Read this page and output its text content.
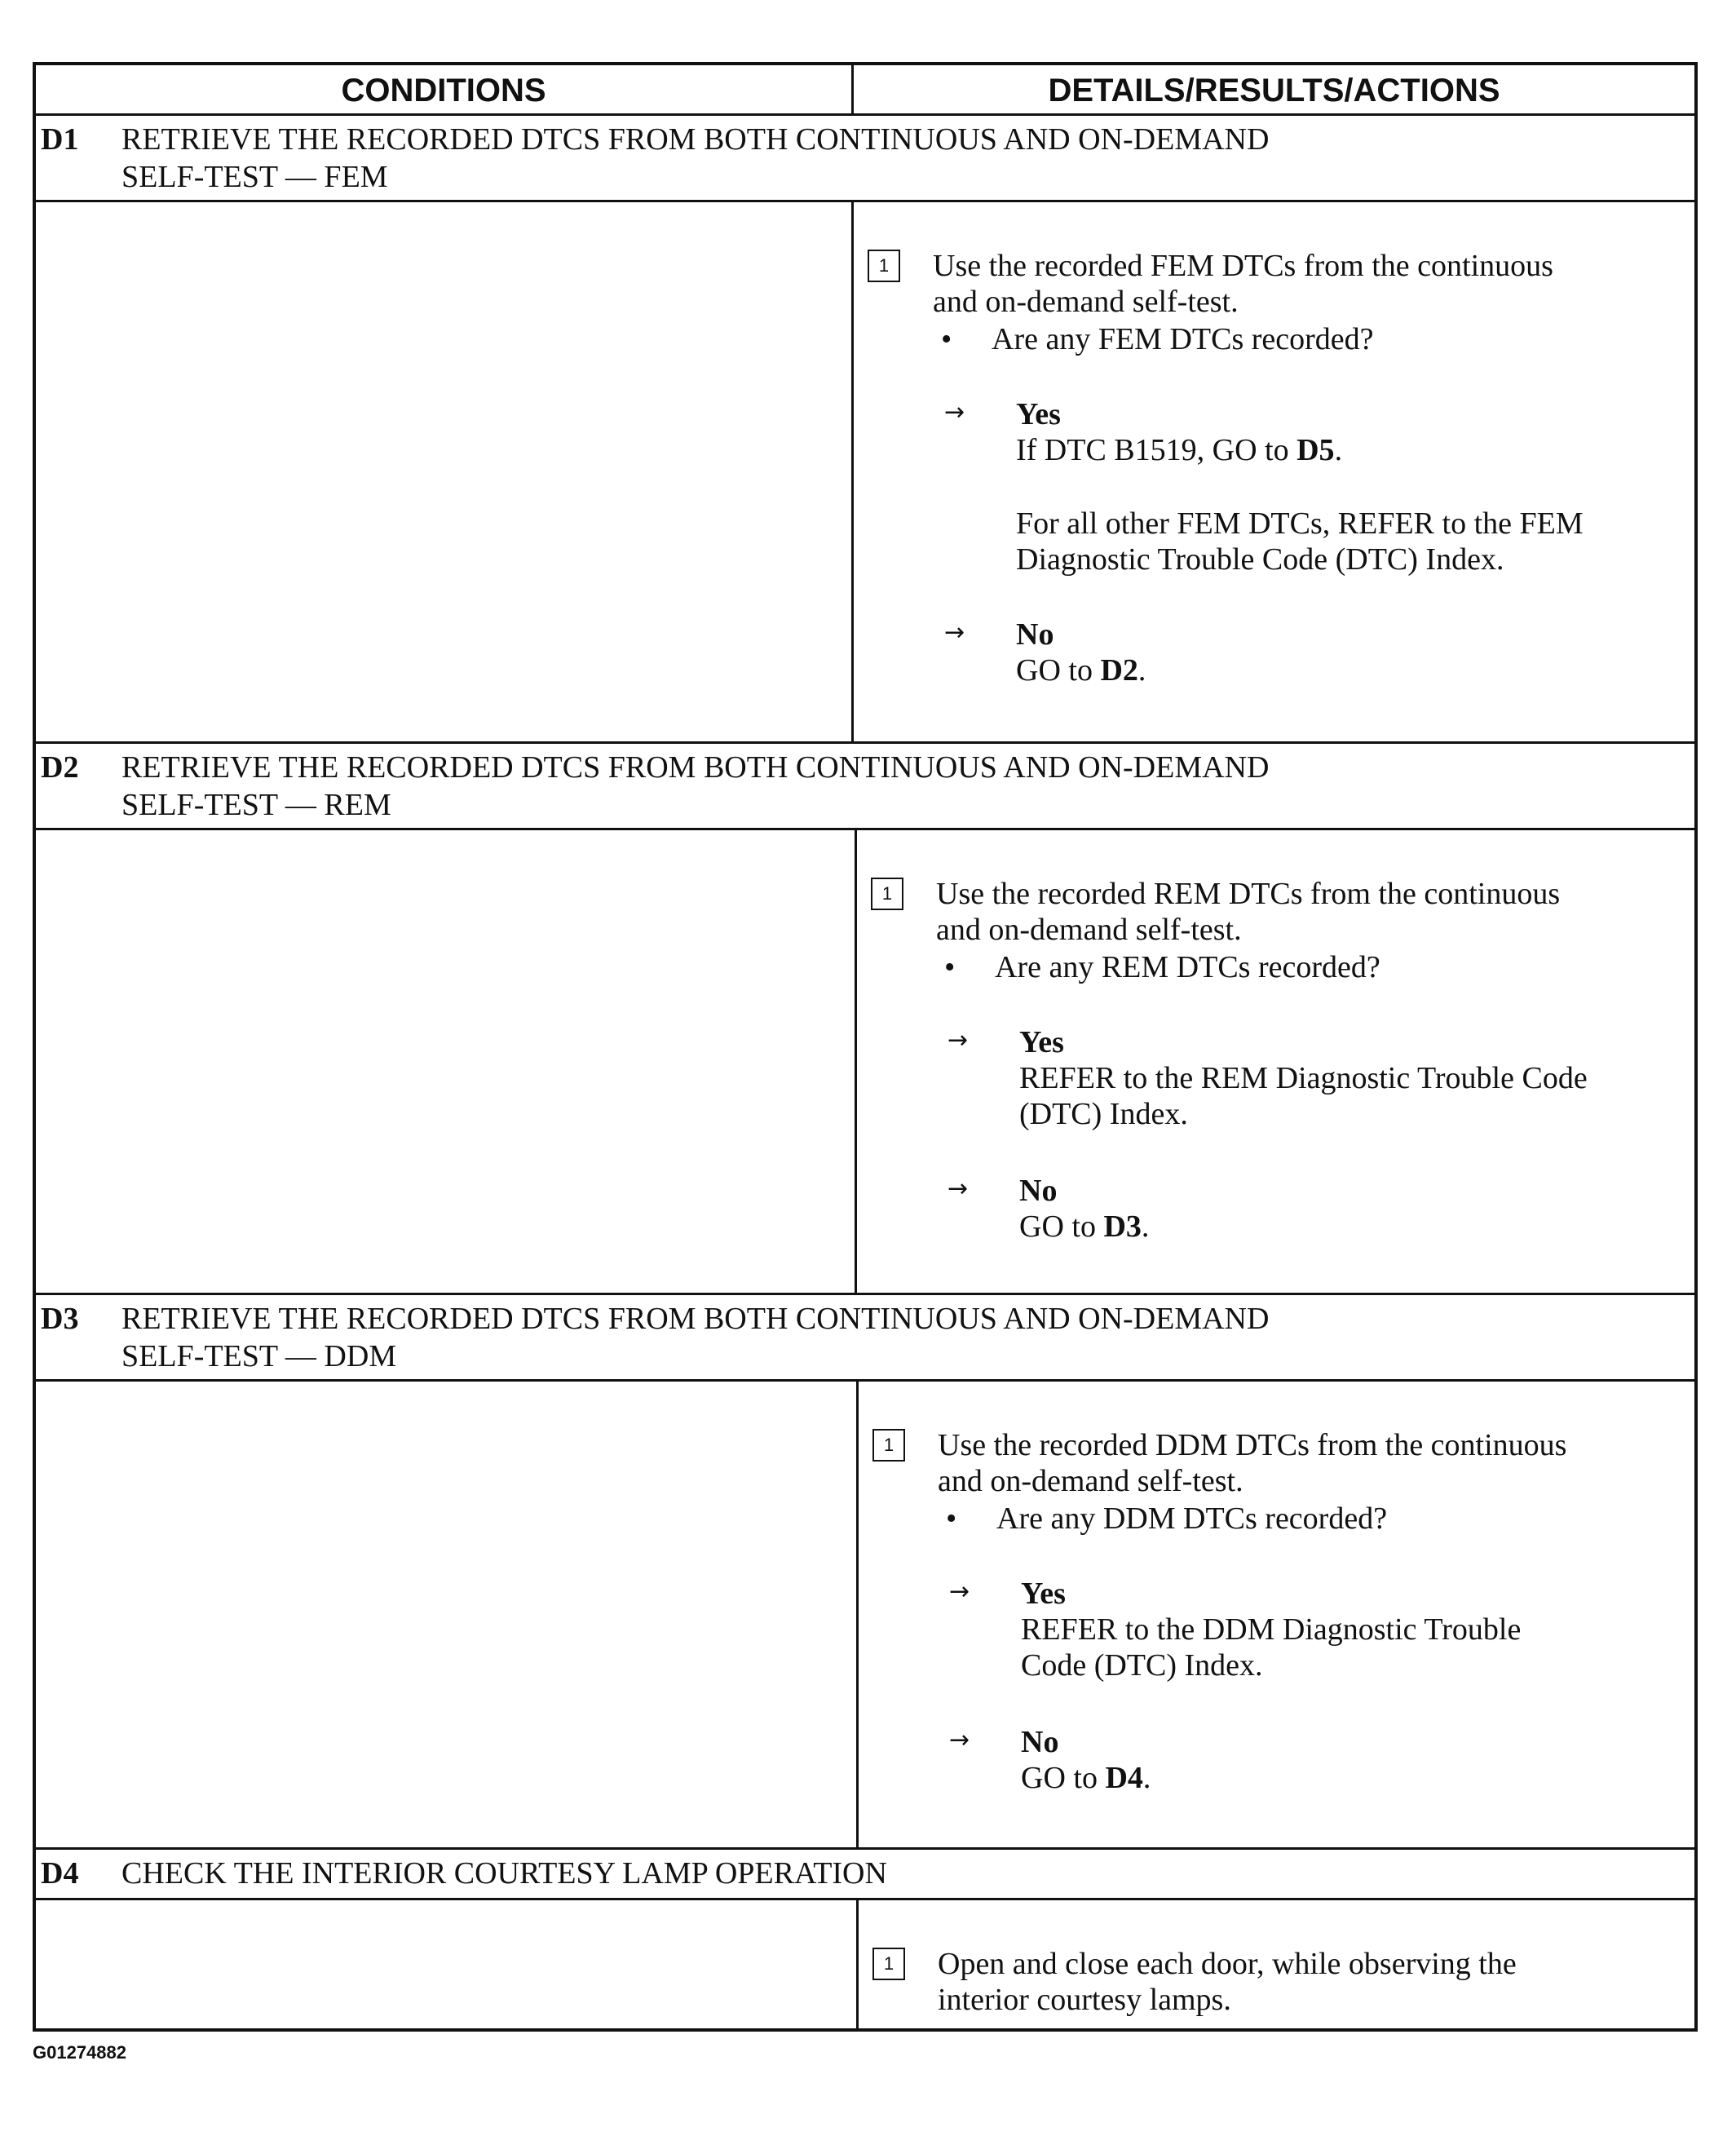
CONDITIONS	DETAILS/RESULTS/ACTIONS
D1 RETRIEVE THE RECORDED DTCS FROM BOTH CONTINUOUS AND ON-DEMAND
SELF-TEST — FEM
1	Use the recorded FEM DTCs from the continuous
and on-demand self-test.
• Are any FEM DTCs recorded?
→ Yes
If DTC B1519, GO to D5.
For all other FEM DTCs, REFER to the FEM
Diagnostic Trouble Code (DTC) Index.
→ No
GO to D2.
D2 RETRIEVE THE RECORDED DTCS FROM BOTH CONTINUOUS AND ON-DEMAND
SELF-TEST — REM
1	Use the recorded REM DTCs from the continuous
and on-demand self-test.
• Are any REM DTCs recorded?
→ Yes
REFER to the REM Diagnostic Trouble Code
(DTC) Index.
→ No
GO to D3.
D3 RETRIEVE THE RECORDED DTCS FROM BOTH CONTINUOUS AND ON-DEMAND
SELF-TEST — DDM
1	Use the recorded DDM DTCs from the continuous
and on-demand self-test.
• Are any DDM DTCs recorded?
→ Yes
REFER to the DDM Diagnostic Trouble
Code (DTC) Index.
→ No
GO to D4.
D4 CHECK THE INTERIOR COURTESY LAMP OPERATION
1	Open and close each door, while observing the
interior courtesy lamps.
G01274882
